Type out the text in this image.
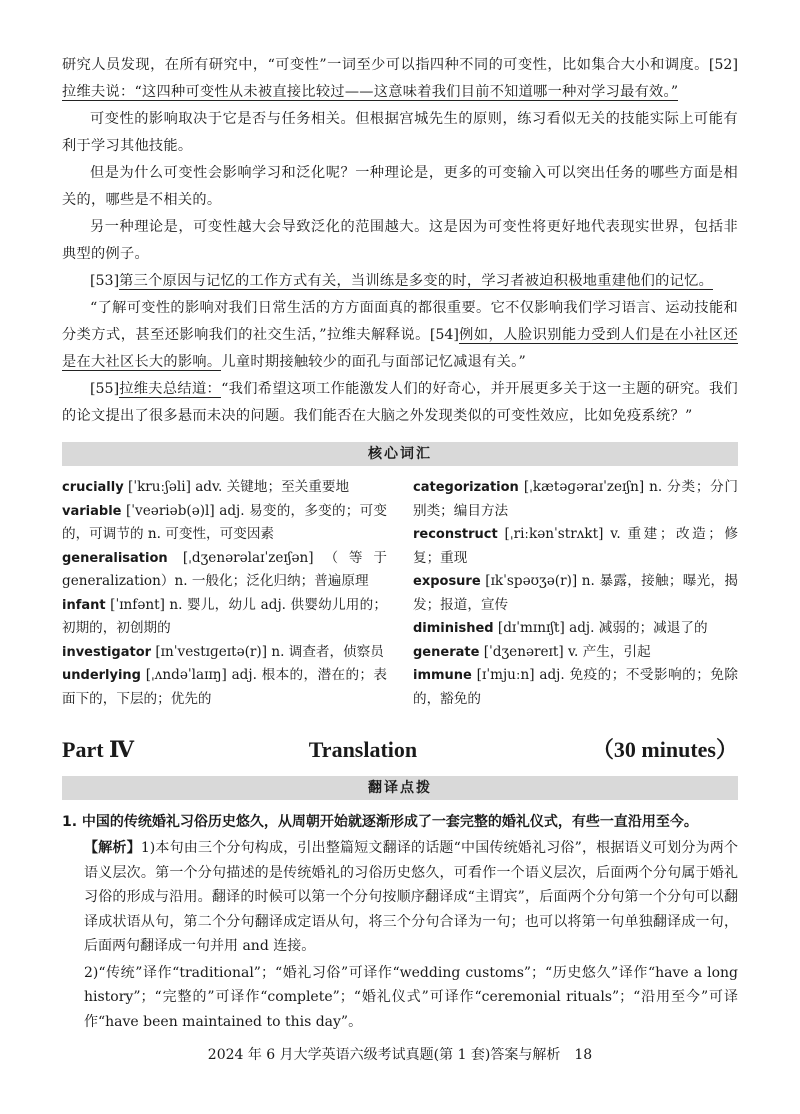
研究人员发现，在所有研究中，“可变性”一词至少可以指四种不同的可变性，比如集合大小和调度。[52]拉维夫说：“这四种可变性从未被直接比较过——这意味着我们目前不知道哪一种对学习最有效。”

可变性的影响取决于它是否与任务相关。但根据宫城先生的原则，练习看似无关的技能实际上可能有利于学习其他技能。

但是为什么可变性会影响学习和泛化呢？一种理论是，更多的可变输入可以突出任务的哪些方面是相关的，哪些是不相关的。

另一种理论是，可变性越大会导致泛化的范围越大。这是因为可变性将更好地代表现实世界，包括非典型的例子。

[53]第三个原因与记忆的工作方式有关，当训练是多变的时，学习者被迫积极地重建他们的记忆。

“了解可变性的影响对我们日常生活的方方面面真的都很重要。它不仅影响我们学习语言、运动技能和分类方式，甚至还影响我们的社交生活，”拉维夫解释说。[54]例如，人脸识别能力受到人们是在小社区还是在大社区长大的影响。儿童时期接触较少的面孔与面部记忆减退有关。”

[55]拉维夫总结道：“我们希望这项工作能激发人们的好奇心，并开展更多关于这一主题的研究。我们的论文提出了很多悬而未决的问题。我们能否在大脑之外发现类似的可变性效应，比如免疫系统？”

核心词汇

crucially [ˈkruːʃəli] adv. 关键地；至关重要地

variable [ˈveəriəb(ə)l] adj. 易变的，多变的；可变的，可调节的 n. 可变性，可变因素

generalisation [ˌdʒenərəlaɪˈzeɪʃən]（等于 generalization）n. 一般化；泛化归纳；普遍原理

infant [ˈɪnfənt] n. 婴儿，幼儿 adj. 供婴幼儿用的；初期的，初创期的

investigator [ɪnˈvestɪɡeɪtə(r)] n. 调查者，侦察员

underlying [ˌʌndəˈlaɪɪŋ] adj. 根本的，潜在的；表面下的，下层的；优先的

categorization [ˌkætəɡəraɪˈzeɪʃn] n. 分类；分门别类；编目方法

reconstruct [ˌriːkənˈstrʌkt] v. 重建；改造；修复；重现

exposure [ɪkˈspəʊʒə(r)] n. 暴露，接触；曝光，揭发；报道，宣传

diminished [dɪˈmɪnɪʃt] adj. 减弱的；减退了的

generate [ˈdʒenəreɪt] v. 产生，引起

immune [ɪˈmjuːn] adj. 免疫的；不受影响的；免除的，豁免的

Part Ⅳ	Translation	（30 minutes）
翻译点拨
1. 中国的传统婚礼习俗历史悠久，从周朝开始就逐渐形成了一套完整的婚礼仪式，有些一直沿用至今。

【解析】1)本句由三个分句构成，引出整篇短文翻译的话题“中国传统婚礼习俗”，根据语义可划分为两个语义层次。第一个分句描述的是传统婚礼的习俗历史悠久，可看作一个语义层次，后面两个分句属于婚礼习俗的形成与沿用。翻译的时候可以第一个分句按顺序翻译成“主谓宾”，后面两个分句第一个分句可以翻译成状语从句，第二个分句翻译成定语从句，将三个分句合译为一句；也可以将第一句单独翻译成一句，后面两句翻译成一句并用 and 连接。

2)“传统”译作“traditional”；“婚礼习俗”可译作“wedding customs”；“历史悠久”译作“have a long history”；“完整的”可译作“complete”；“婚礼仪式”可译作“ceremonial rituals”；“沿用至今”可译作“have been maintained to this day”。

2024 年 6 月大学英语六级考试真题(第 1 套)答案与解析　18
